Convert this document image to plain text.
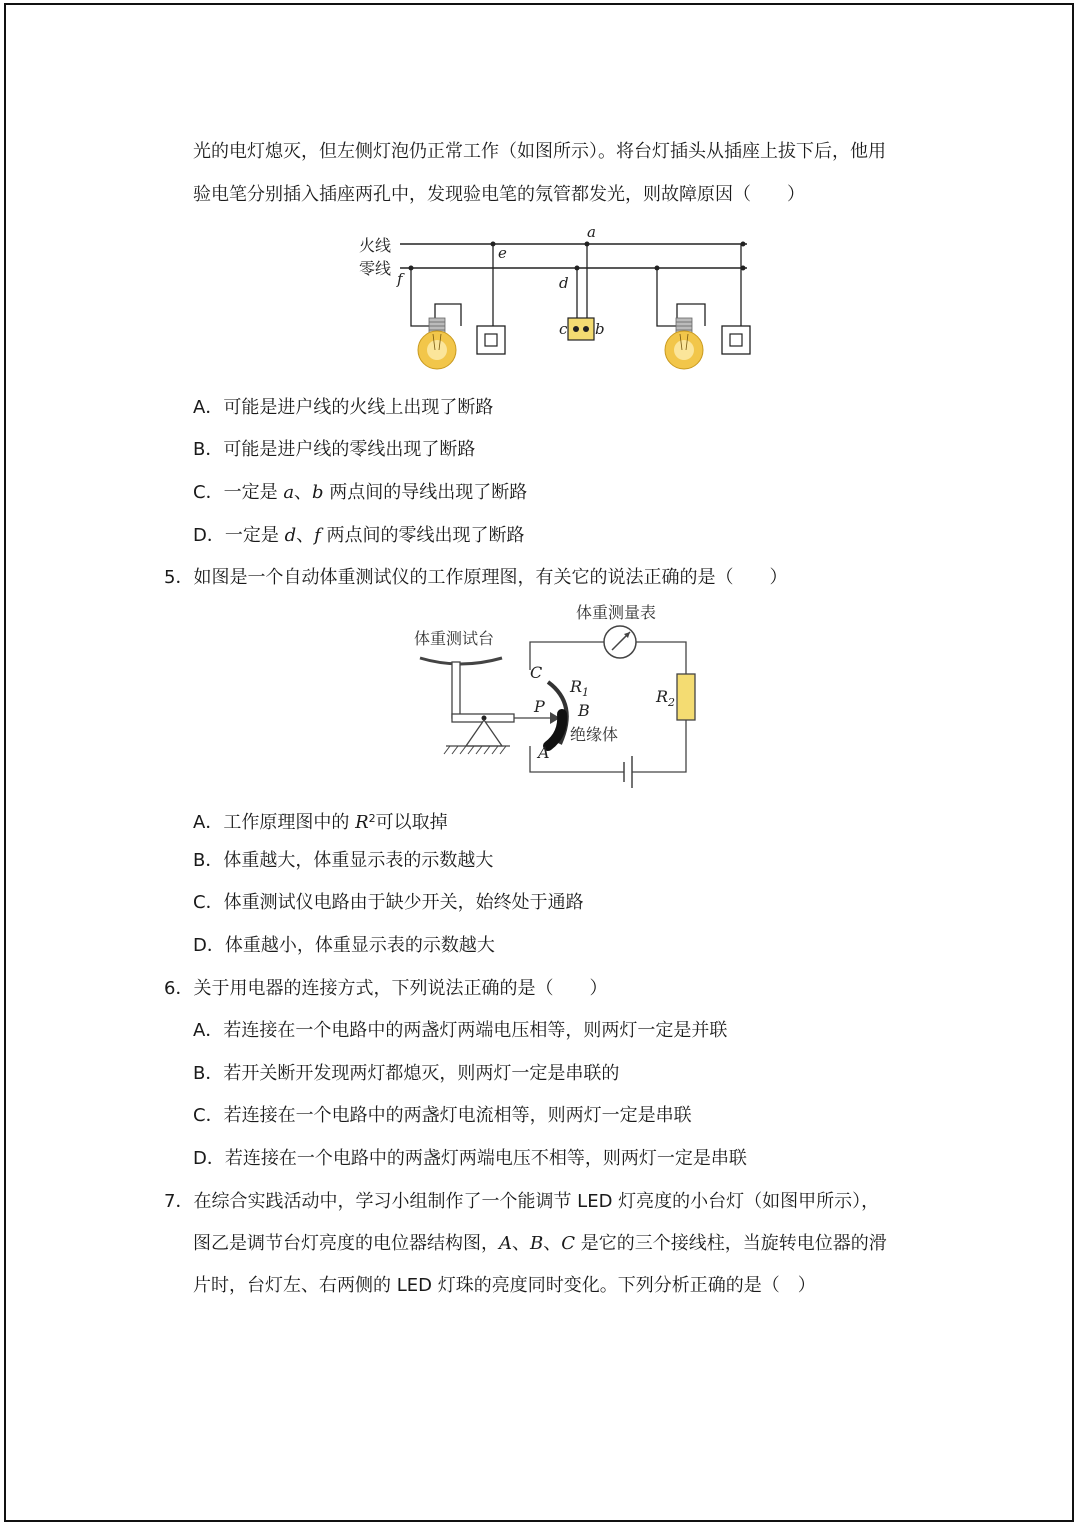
光的电灯熄灭，但左侧灯泡仍正常工作（如图所示）。将台灯插头从插座上拔下后，他用
验电笔分别插入插座两孔中，发现验电笔的氖管都发光，则故障原因（　　）
火线
零线
e
f
a
d
c b
A．可能是进户线的火线上出现了断路
B．可能是进户线的零线出现了断路
C．一定是 a、b 两点间的导线出现了断路
D．一定是 d、f 两点间的零线出现了断路
5．如图是一个自动体重测试仪的工作原理图，有关它的说法正确的是（　　）
体重测试台
体重测量表
P
C
B
A
$R_1$
绝缘体
$R_2$
A．工作原理图中的 $R^2$可以取掉
B．体重越大，体重显示表的示数越大
C．体重测试仪电路由于缺少开关，始终处于通路
D．体重越小，体重显示表的示数越大
6．关于用电器的连接方式，下列说法正确的是（　　）
A．若连接在一个电路中的两盏灯两端电压相等，则两灯一定是并联
B．若开关断开发现两灯都熄灭，则两灯一定是串联的
C．若连接在一个电路中的两盏灯电流相等，则两灯一定是串联
D．若连接在一个电路中的两盏灯两端电压不相等，则两灯一定是串联
7．在综合实践活动中，学习小组制作了一个能调节 LED 灯亮度的小台灯（如图甲所示），
图乙是调节台灯亮度的电位器结构图，A、B、C 是它的三个接线柱，当旋转电位器的滑
片时，台灯左、右两侧的 LED 灯珠的亮度同时变化。下列分析正确的是（　）
